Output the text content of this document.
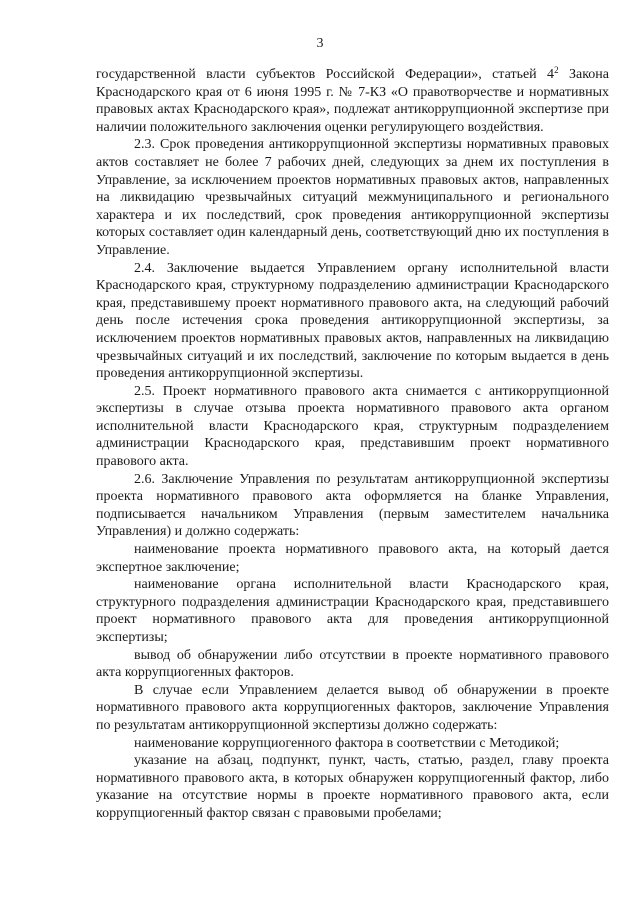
3

государственной власти субъектов Российской Федерации», статьей $4^2$ Закона Краснодарского края от 6 июня 1995 г. № 7-КЗ «О правотворчестве и нормативных правовых актах Краснодарского края», подлежат антикоррупционной экспертизе при наличии положительного заключения оценки регулирующего воздействия.

2.3. Срок проведения антикоррупционной экспертизы нормативных правовых актов составляет не более 7 рабочих дней, следующих за днем их поступления в Управление, за исключением проектов нормативных правовых актов, направленных на ликвидацию чрезвычайных ситуаций межмуниципального и регионального характера и их последствий, срок проведения антикоррупционной экспертизы которых составляет один календарный день, соответствующий дню их поступления в Управление.

2.4. Заключение выдается Управлением органу исполнительной власти Краснодарского края, структурному подразделению администрации Краснодарского края, представившему проект нормативного правового акта, на следующий рабочий день после истечения срока проведения антикоррупционной экспертизы, за исключением проектов нормативных правовых актов, направленных на ликвидацию чрезвычайных ситуаций и их последствий, заключение по которым выдается в день проведения антикоррупционной экспертизы.

2.5. Проект нормативного правового акта снимается с антикоррупционной экспертизы в случае отзыва проекта нормативного правового акта органом исполнительной власти Краснодарского края, структурным подразделением администрации Краснодарского края, представившим проект нормативного правового акта.

2.6. Заключение Управления по результатам антикоррупционной экспертизы проекта нормативного правового акта оформляется на бланке Управления, подписывается начальником Управления (первым заместителем начальника Управления) и должно содержать:

наименование проекта нормативного правового акта, на который дается экспертное заключение;

наименование органа исполнительной власти Краснодарского края, структурного подразделения администрации Краснодарского края, представившего проект нормативного правового акта для проведения антикоррупционной экспертизы;

вывод об обнаружении либо отсутствии в проекте нормативного правового акта коррупциогенных факторов.

В случае если Управлением делается вывод об обнаружении в проекте нормативного правового акта коррупциогенных факторов, заключение Управления по результатам антикоррупционной экспертизы должно содержать:

наименование коррупциогенного фактора в соответствии с Методикой;

указание на абзац, подпункт, пункт, часть, статью, раздел, главу проекта нормативного правового акта, в которых обнаружен коррупциогенный фактор, либо указание на отсутствие нормы в проекте нормативного правового акта, если коррупциогенный фактор связан с правовыми пробелами;
